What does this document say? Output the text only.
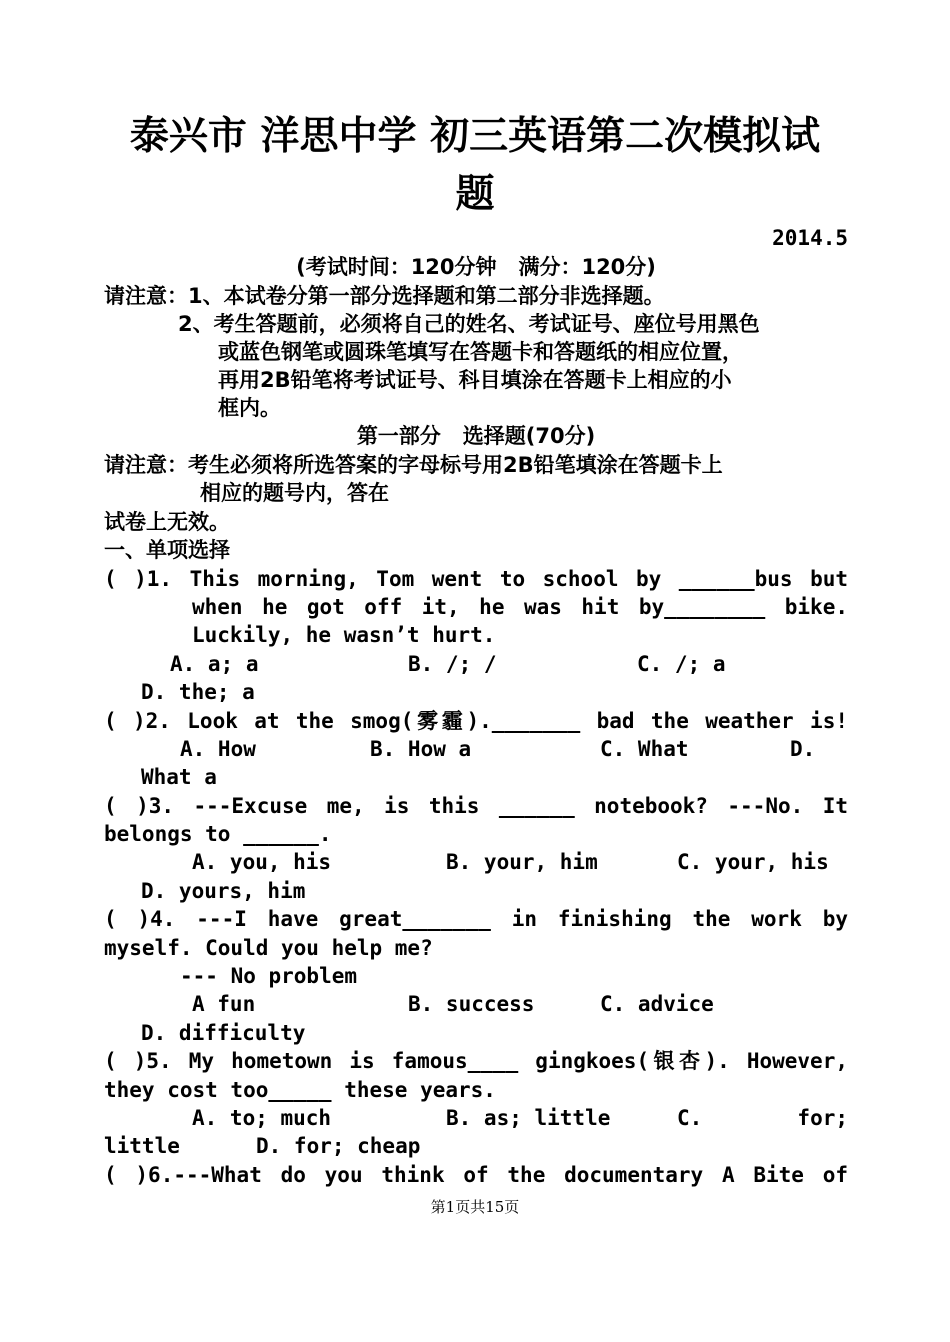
泰兴市 洋思中学 初三英语第二次模拟试
题
2014.5
(考试时间：120分钟   满分：120分)
请注意：1、本试卷分第一部分选择题和第二部分非选择题。
2、考生答题前，必须将自己的姓名、考试证号、座位号用黑色
或蓝色钢笔或圆珠笔填写在答题卡和答题纸的相应位置，
再用2B铅笔将考试证号、科目填涂在答题卡上相应的小
框内。
第一部分   选择题(70分)
请注意：考生必须将所选答案的字母标号用2B铅笔填涂在答题卡上
相应的题号内，答在
试卷上无效。
一、单项选择
( )1. This morning, Tom went to school by ______bus but
when he got off it, he was hit by________ bike.
Luckily, he wasn’t hurt.
A. a; a	B. /; /	C. /; a
D. the; a
( )2. Look at the smog(雾霾)._______ bad the weather is!
A. How	B. How a	C. What	D.
What a
( )3. ---Excuse me, is this ______ notebook? ---No. It
belongs to ______.
A. you, his	B. your, him	C. your, his
D. yours, him
( )4. ---I have great_______ in finishing the work by
myself. Could you help me?
--- No problem
A fun	B. success	C. advice
D. difficulty
( )5. My hometown is famous____ gingkoes(银杏). However,
they cost too_____ these years.
A. to; much	B. as; little	C.	for;
little	D. for; cheap
( )6.---What do you think of the documentary A Bite of
第1页共15页
